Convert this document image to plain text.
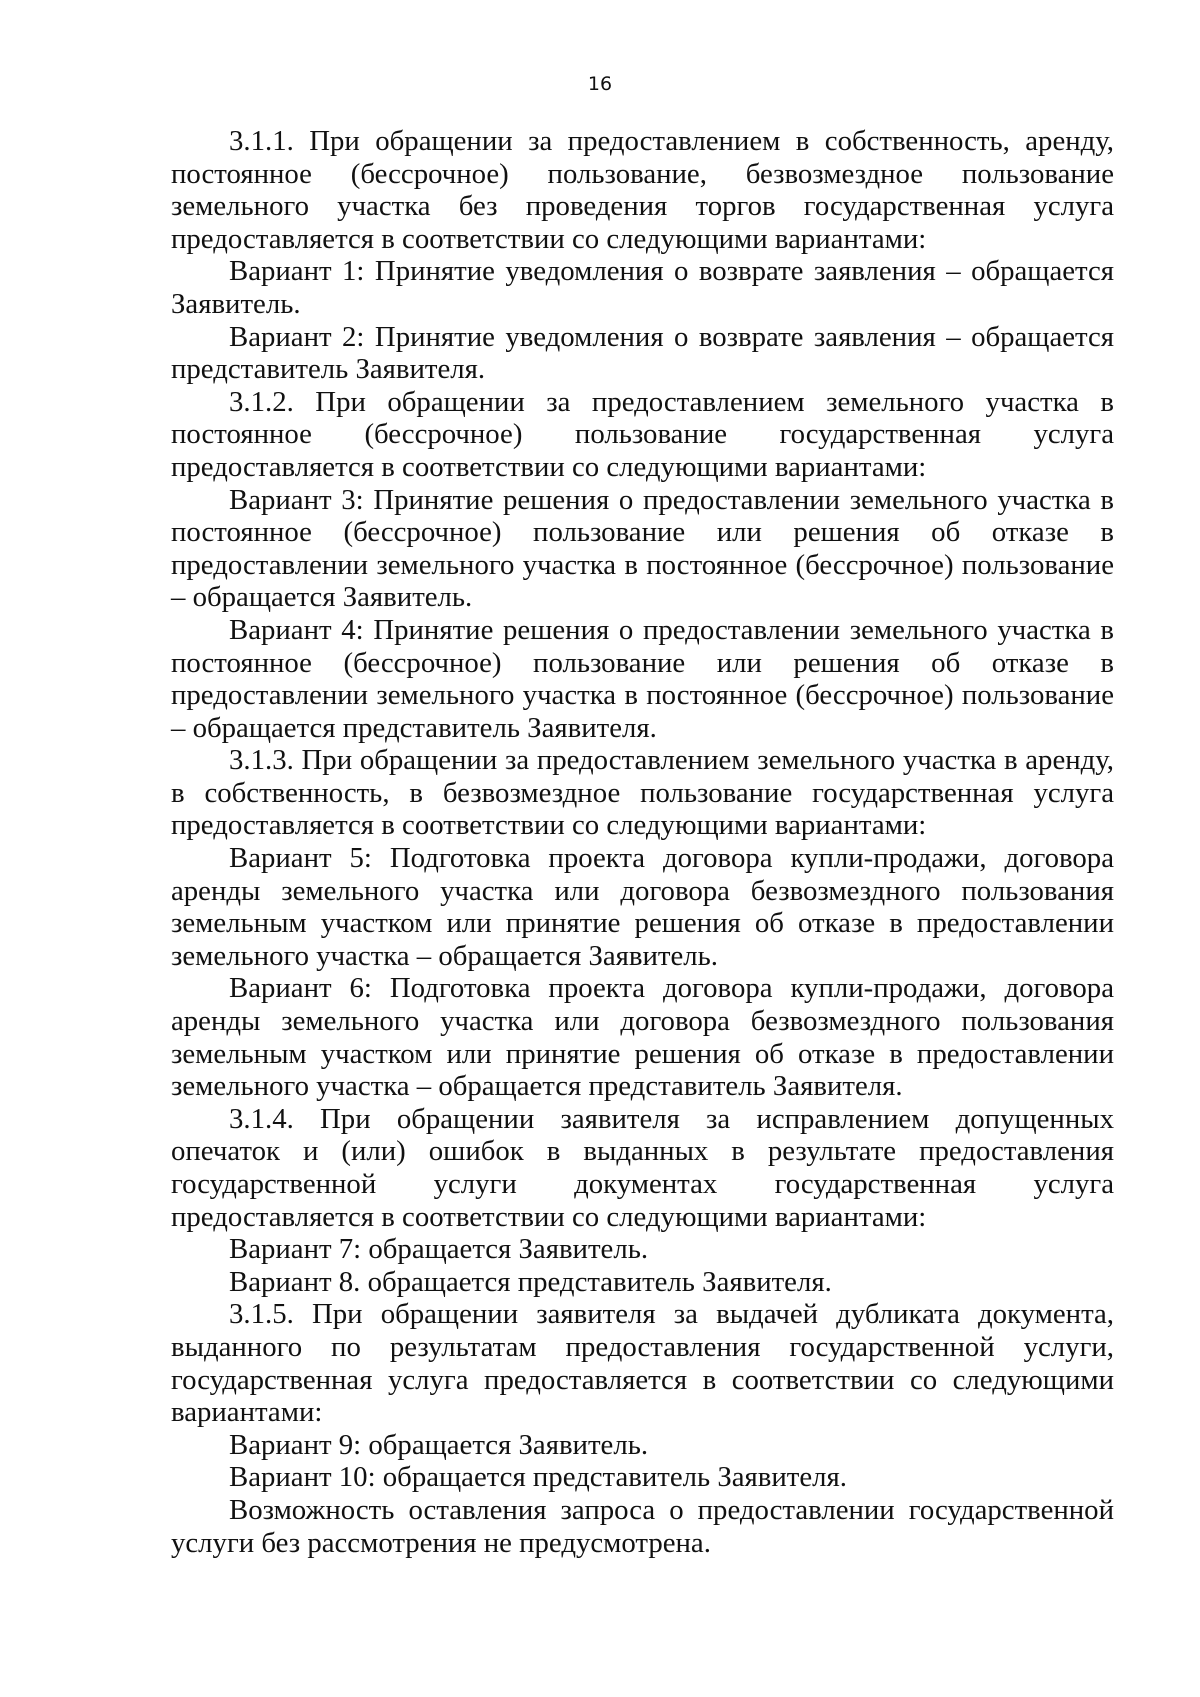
16

3.1.1. При обращении за предоставлением в собственность, аренду, постоянное (бессрочное) пользование, безвозмездное пользование земельного участка без проведения торгов государственная услуга предоставляется в соответствии со следующими вариантами:

Вариант 1: Принятие уведомления о возврате заявления – обращается Заявитель.

Вариант 2: Принятие уведомления о возврате заявления – обращается представитель Заявителя.

3.1.2. При обращении за предоставлением земельного участка в постоянное (бессрочное) пользование государственная услуга предоставляется в соответствии со следующими вариантами:

Вариант 3: Принятие решения о предоставлении земельного участка в постоянное (бессрочное) пользование или решения об отказе в предоставлении земельного участка в постоянное (бессрочное) пользование – обращается Заявитель.

Вариант 4: Принятие решения о предоставлении земельного участка в постоянное (бессрочное) пользование или решения об отказе в предоставлении земельного участка в постоянное (бессрочное) пользование – обращается представитель Заявителя.

3.1.3. При обращении за предоставлением земельного участка в аренду, в собственность, в безвозмездное пользование государственная услуга предоставляется в соответствии со следующими вариантами:

Вариант 5: Подготовка проекта договора купли-продажи, договора аренды земельного участка или договора безвозмездного пользования земельным участком или принятие решения об отказе в предоставлении земельного участка – обращается Заявитель.

Вариант 6: Подготовка проекта договора купли-продажи, договора аренды земельного участка или договора безвозмездного пользования земельным участком или принятие решения об отказе в предоставлении земельного участка – обращается представитель Заявителя.

3.1.4. При обращении заявителя за исправлением допущенных опечаток и (или) ошибок в выданных в результате предоставления государственной услуги документах государственная услуга предоставляется в соответствии со следующими вариантами:

Вариант 7: обращается Заявитель.

Вариант 8. обращается представитель Заявителя.

3.1.5. При обращении заявителя за выдачей дубликата документа, выданного по результатам предоставления государственной услуги, государственная услуга предоставляется в соответствии со следующими вариантами:

Вариант 9: обращается Заявитель.

Вариант 10: обращается представитель Заявителя.

Возможность оставления запроса о предоставлении государственной услуги без рассмотрения не предусмотрена.
